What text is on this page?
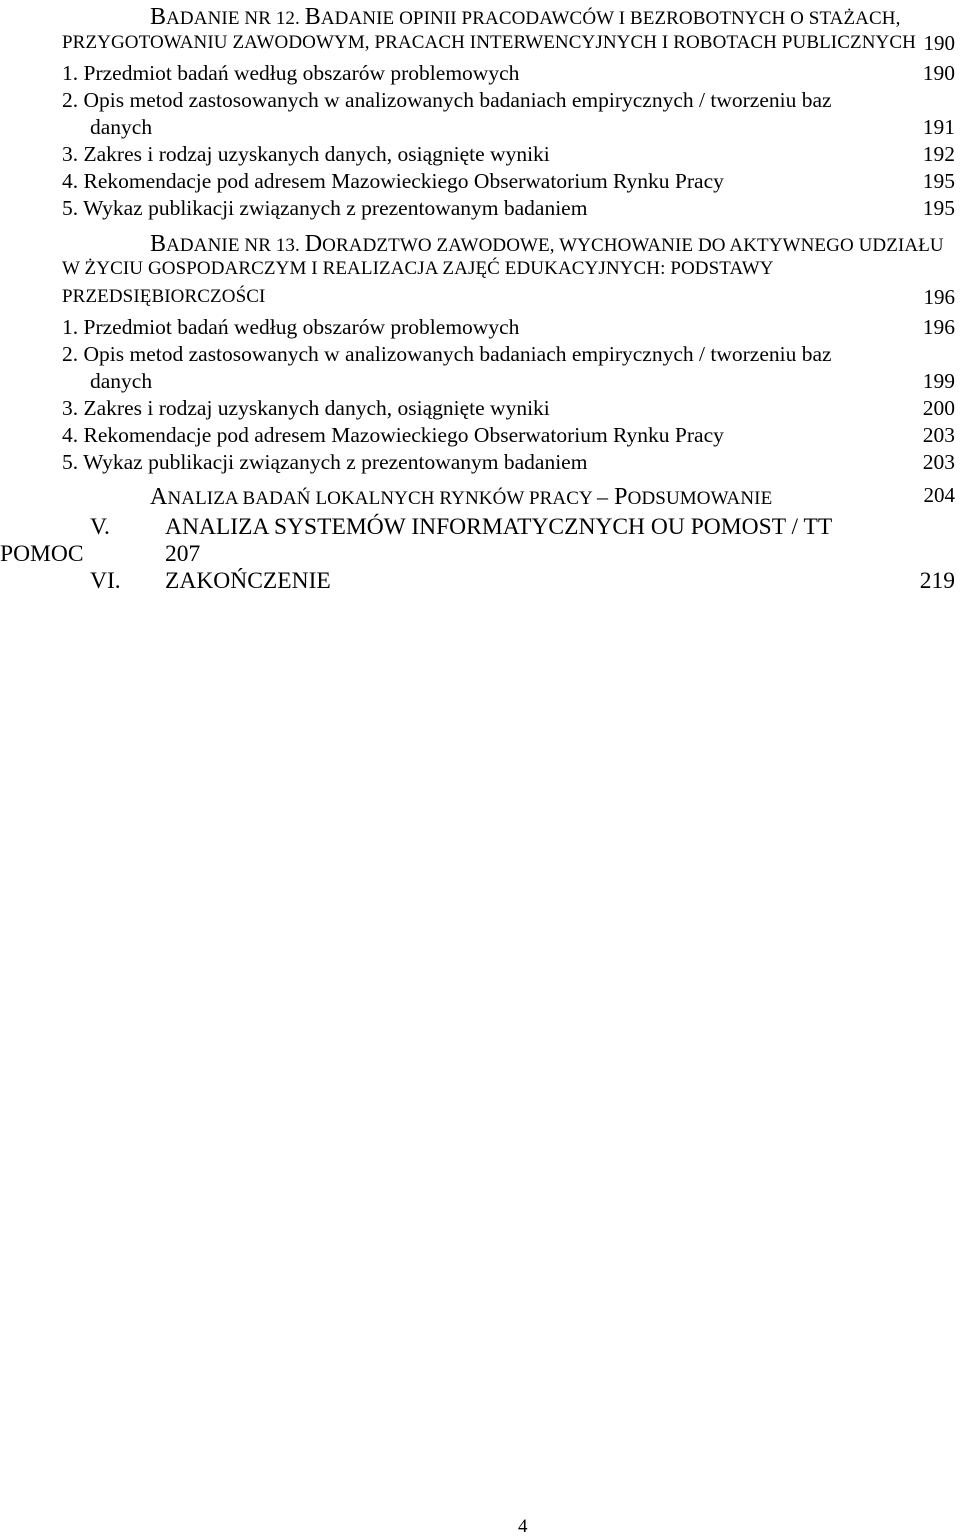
BADANIE NR 12. BADANIE OPINII PRACODAWCÓW I BEZROBOTNYCH O STAŻACH,
PRZYGOTOWANIU ZAWODOWYM, PRACACH INTERWENCYJNYCH I ROBOTACH PUBLICZNYCH 190
1. Przedmiot badań według obszarów problemowych	190
2. Opis metod zastosowanych w analizowanych badaniach empirycznych / tworzeniu baz
danych	191
3. Zakres i rodzaj uzyskanych danych, osiągnięte wyniki	192
4. Rekomendacje pod adresem Mazowieckiego Obserwatorium Rynku Pracy	195
5. Wykaz publikacji związanych z prezentowanym badaniem	195
BADANIE NR 13. DORADZTWO ZAWODOWE, WYCHOWANIE DO AKTYWNEGO UDZIAŁU
W ŻYCIU GOSPODARCZYM I REALIZACJA ZAJĘĆ EDUKACYJNYCH: PODSTAWY
PRZEDSIĘBIORCZOŚCI	196
1. Przedmiot badań według obszarów problemowych	196
2. Opis metod zastosowanych w analizowanych badaniach empirycznych / tworzeniu baz
danych	199
3. Zakres i rodzaj uzyskanych danych, osiągnięte wyniki	200
4. Rekomendacje pod adresem Mazowieckiego Obserwatorium Rynku Pracy	203
5. Wykaz publikacji związanych z prezentowanym badaniem	203
ANALIZA BADAŃ LOKALNYCH RYNKÓW PRACY – PODSUMOWANIE	204
V. ANALIZA SYSTEMÓW INFORMATYCZNYCH OU POMOST / TT
POMOC	207
VI. ZAKOŃCZENIE	219
4
